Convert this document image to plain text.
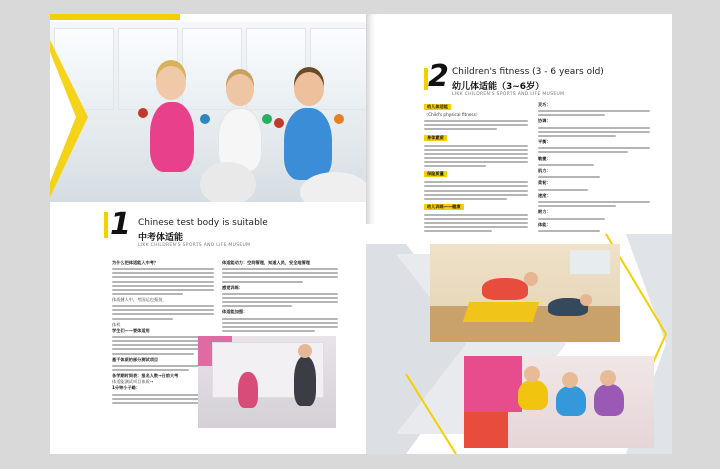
1 Chinese test body is suitable
中考体适能
LIKK CHILDREN'S SPORTS AND LIFE MUSEUM
为什么把体适能入中考？
体质健人中，考国运也强劲，
体机
学生们——要体适用
基于体质的部分测试项目
各学期时间表：报名人数→日前大考
体适能测试项目体质→
1分钟小子路：
体适能动力：空间管理，知道人员，安全地管理
感觉训练：
体适能加强：
2 Children's fitness (3 - 6 years old)
幼儿体适能（3~6岁）
LIKK CHILDREN'S SPORTS AND LIFE MUSEUM
幼儿体适能
（Child's physical fitness）
身体素质
保险质量
幼儿训练——健康
灵巧：
协调：
平衡：
敏捷：
肌力：
柔韧：
速度：
耐力：
体能：
